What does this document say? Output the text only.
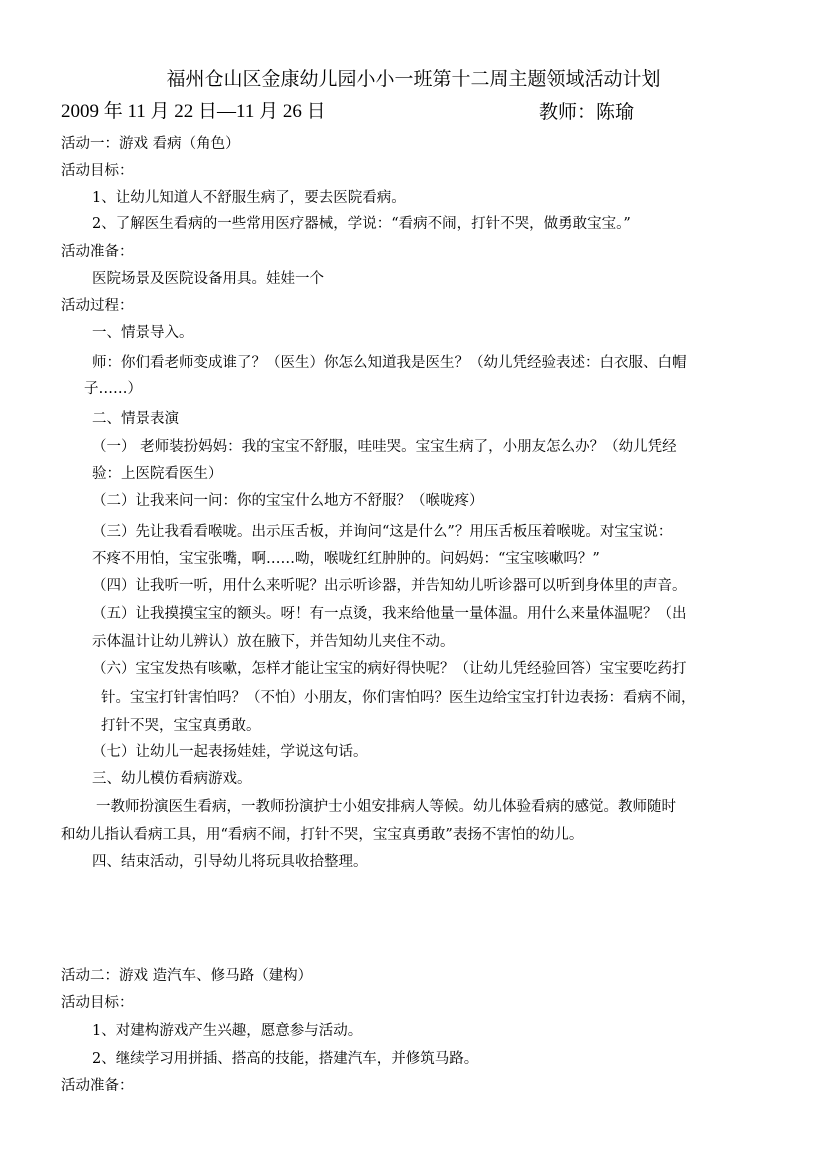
福州仓山区金康幼儿园小小一班第十二周主题领域活动计划
2009 年 11 月 22 日—11 月 26 日	教师：陈瑜
活动一：游戏 看病（角色）
活动目标：
1、让幼儿知道人不舒服生病了，要去医院看病。
2、了解医生看病的一些常用医疗器械，学说：“看病不闹，打针不哭，做勇敢宝宝。”
活动准备：
医院场景及医院设备用具。娃娃一个
活动过程：
一、情景导入。
师：你们看老师变成谁了？（医生）你怎么知道我是医生？（幼儿凭经验表述：白衣服、白帽
子……）
二、情景表演
（一） 老师装扮妈妈：我的宝宝不舒服，哇哇哭。宝宝生病了，小朋友怎么办？（幼儿凭经
验：上医院看医生）
（二）让我来问一问：你的宝宝什么地方不舒服？（喉咙疼）
（三）先让我看看喉咙。出示压舌板，并询问“这是什么”？用压舌板压着喉咙。对宝宝说：
不疼不用怕，宝宝张嘴，啊……呦，喉咙红红肿肿的。问妈妈：“宝宝咳嗽吗？”
（四）让我听一听，用什么来听呢？出示听诊器，并告知幼儿听诊器可以听到身体里的声音。
（五）让我摸摸宝宝的额头。呀！有一点烫，我来给他量一量体温。用什么来量体温呢？（出
示体温计让幼儿辨认）放在腋下，并告知幼儿夹住不动。
（六）宝宝发热有咳嗽，怎样才能让宝宝的病好得快呢？（让幼儿凭经验回答）宝宝要吃药打
针。宝宝打针害怕吗？（不怕）小朋友，你们害怕吗？医生边给宝宝打针边表扬：看病不闹，
打针不哭，宝宝真勇敢。
（七）让幼儿一起表扬娃娃，学说这句话。
三、幼儿模仿看病游戏。
一教师扮演医生看病，一教师扮演护士小姐安排病人等候。幼儿体验看病的感觉。教师随时
和幼儿指认看病工具，用“看病不闹，打针不哭，宝宝真勇敢”表扬不害怕的幼儿。
四、结束活动，引导幼儿将玩具收拾整理。
活动二：游戏 造汽车、修马路（建构）
活动目标：
1、对建构游戏产生兴趣，愿意参与活动。
2、继续学习用拼插、搭高的技能，搭建汽车，并修筑马路。
活动准备：
